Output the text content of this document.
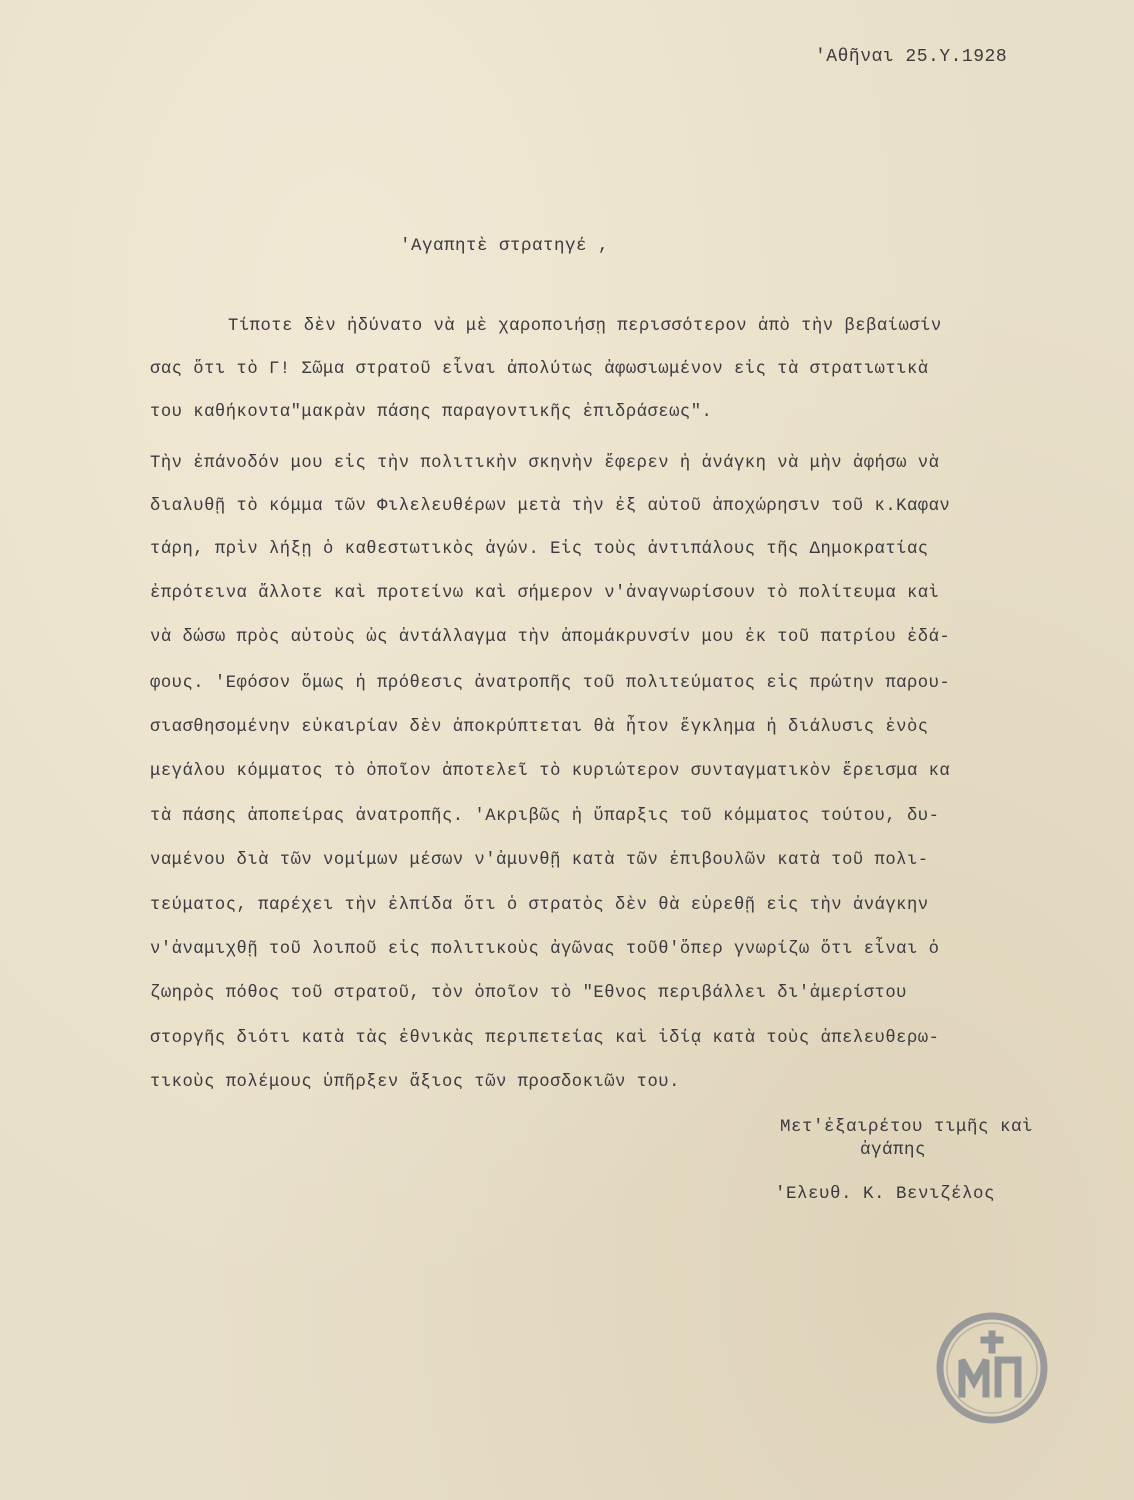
'Αθῆναι 25.Υ.1928
'Αγαπητὲ στρατηγέ ,
Τίποτε δὲν ἠδύνατο νὰ μὲ χαροποιήσῃ περισσότερον ἀπὸ τὴν βεβαίωσίν
σας ὅτι τὸ Γ! Σῶμα στρατοῦ εἶναι ἀπολύτως ἀφωσιωμένον εἰς τὰ στρατιωτικὰ
του καθήκοντα"μακρὰν πάσης παραγοντικῆς ἐπιδράσεως".
Τὴν ἐπάνοδόν μου εἰς τὴν πολιτικὴν σκηνὴν ἔφερεν ἡ ἀνάγκη νὰ μὴν ἀφήσω νὰ
διαλυθῇ τὸ κόμμα τῶν Φιλελευθέρων μετὰ τὴν ἐξ αὐτοῦ ἀποχώρησιν τοῦ κ.Καφαν
τάρη, πρὶν λήξῃ ὁ καθεστωτικὸς ἀγών. Εἰς τοὺς ἀντιπάλους τῆς Δημοκρατίας
ἐπρότεινα ἄλλοτε καὶ προτείνω καὶ σήμερον ν'ἀναγνωρίσουν τὸ πολίτευμα καὶ
νὰ δώσω πρὸς αὐτοὺς ὡς ἀντάλλαγμα τὴν ἀπομάκρυνσίν μου ἐκ τοῦ πατρίου ἐδά-
φους. 'Εφόσον ὅμως ἡ πρόθεσις ἀνατροπῆς τοῦ πολιτεύματος εἰς πρώτην παρου-
σιασθησομένην εὐκαιρίαν δὲν ἀποκρύπτεται θὰ ἦτον ἔγκλημα ἡ διάλυσις ἑνὸς
μεγάλου κόμματος τὸ ὁποῖον ἀποτελεῖ τὸ κυριώτερον συνταγματικὸν ἔρεισμα κα
τὰ πάσης ἀποπείρας ἀνατροπῆς. 'Ακριβῶς ἡ ὕπαρξις τοῦ κόμματος τούτου, δυ-
ναμένου διὰ τῶν νομίμων μέσων ν'ἀμυνθῇ κατὰ τῶν ἐπιβουλῶν κατὰ τοῦ πολι-
τεύματος, παρέχει τὴν ἐλπίδα ὅτι ὁ στρατὸς δὲν θὰ εὑρεθῇ εἰς τὴν ἀνάγκην
ν'ἀναμιχθῇ τοῦ λοιποῦ εἰς πολιτικοὺς ἀγῶνας τοῦθ'ὅπερ γνωρίζω ὅτι εἶναι ὁ
ζωηρὸς πόθος τοῦ στρατοῦ, τὸν ὁποῖον τὸ "Εθνος περιβάλλει δι'ἀμερίστου
στοργῆς διότι κατὰ τὰς ἐθνικὰς περιπετείας καὶ ἰδίᾳ κατὰ τοὺς ἀπελευθερω-
τικοὺς πολέμους ὑπῆρξεν ἄξιος τῶν προσδοκιῶν του.
Μετ'ἐξαιρέτου τιμῆς καὶ
ἀγάπης
'Ελευθ. Κ. Βενιζέλος
